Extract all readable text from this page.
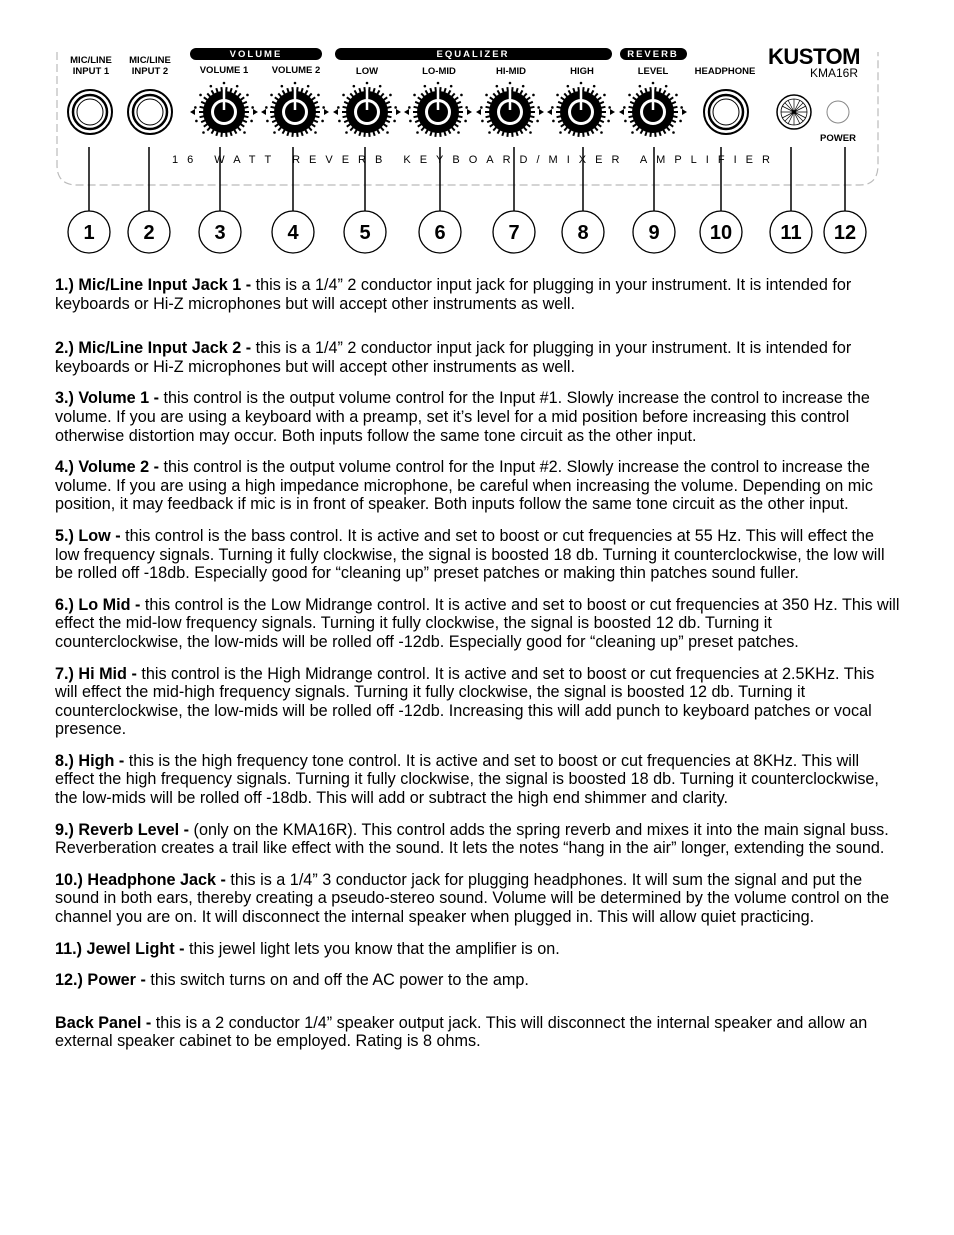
VOLUME	EQUALIZER	REVERB
MIC/LINE
INPUT 1
MIC/LINE
INPUT 2	VOLUME 1 VOLUME 2	LOW	LO-MID	HI-MID	HIGH	LEVEL	HEADPHONE
POWER
KUSTOM
KMA16R
16 WATT REVERB KEYBOARD/MIXER AMPLIFIER
1 2	3	4	5	6	7	8	9	10 11 12

1.) Mic/Line Input Jack 1 - this is a 1/4” 2 conductor input jack for plugging in your instrument. It is intended for keyboards or Hi-Z microphones but will accept other instruments as well.

2.) Mic/Line Input Jack 2 - this is a 1/4” 2 conductor input jack for plugging in your instrument. It is intended for keyboards or Hi-Z microphones but will accept other instruments as well.

3.) Volume 1 - this control is the output volume control for the Input #1. Slowly increase the control to increase the volume. If you are using a keyboard with a preamp, set it’s level for a mid position before increasing this control otherwise distortion may occur. Both inputs follow the same tone circuit as the other input.

4.) Volume 2 - this control is the output volume control for the Input #2. Slowly increase the control to increase the volume. If you are using a high impedance microphone, be careful when increasing the volume. Depending on mic position, it may feedback if mic is in front of speaker. Both inputs follow the same tone circuit as the other input.

5.) Low - this control is the bass control. It is active and set to boost or cut frequencies at 55 Hz. This will effect the low frequency signals. Turning it fully clockwise, the signal is boosted 18 db. Turning it counterclockwise, the low will be rolled off -18db. Especially good for “cleaning up” preset patches or making thin patches sound fuller.

6.) Lo Mid - this control is the Low Midrange control. It is active and set to boost or cut frequencies at 350 Hz. This will effect the mid-low frequency signals. Turning it fully clockwise, the signal is boosted 12 db. Turning it counterclockwise, the low-mids will be rolled off -12db. Especially good for “cleaning up” preset patches.

7.) Hi Mid - this control is the High Midrange control. It is active and set to boost or cut frequencies at 2.5KHz. This will effect the mid-high frequency signals. Turning it fully clockwise, the signal is boosted 12 db. Turning it counterclockwise, the low-mids will be rolled off -12db. Increasing this will add punch to keyboard patches or vocal presence.

8.) High - this is the high frequency tone control. It is active and set to boost or cut frequencies at 8KHz. This will effect the high frequency signals. Turning it fully clockwise, the signal is boosted 18 db. Turning it counterclockwise, the low-mids will be rolled off -18db. This will add or subtract the high end shimmer and clarity.

9.) Reverb Level - (only on the KMA16R). This control adds the spring reverb and mixes it into the main signal buss. Reverberation creates a trail like effect with the sound. It lets the notes “hang in the air” longer, extending the sound.

10.) Headphone Jack - this is a 1/4” 3 conductor jack for plugging headphones. It will sum the signal and put the sound in both ears, thereby creating a pseudo-stereo sound. Volume will be determined by the volume control on the channel you are on. It will disconnect the internal speaker when plugged in. This will allow quiet practicing.

11.) Jewel Light - this jewel light lets you know that the amplifier is on.

12.) Power - this switch turns on and off the AC power to the amp.

Back Panel - this is a 2 conductor 1/4” speaker output jack. This will disconnect the internal speaker and allow an external speaker cabinet to be employed. Rating is 8 ohms.
